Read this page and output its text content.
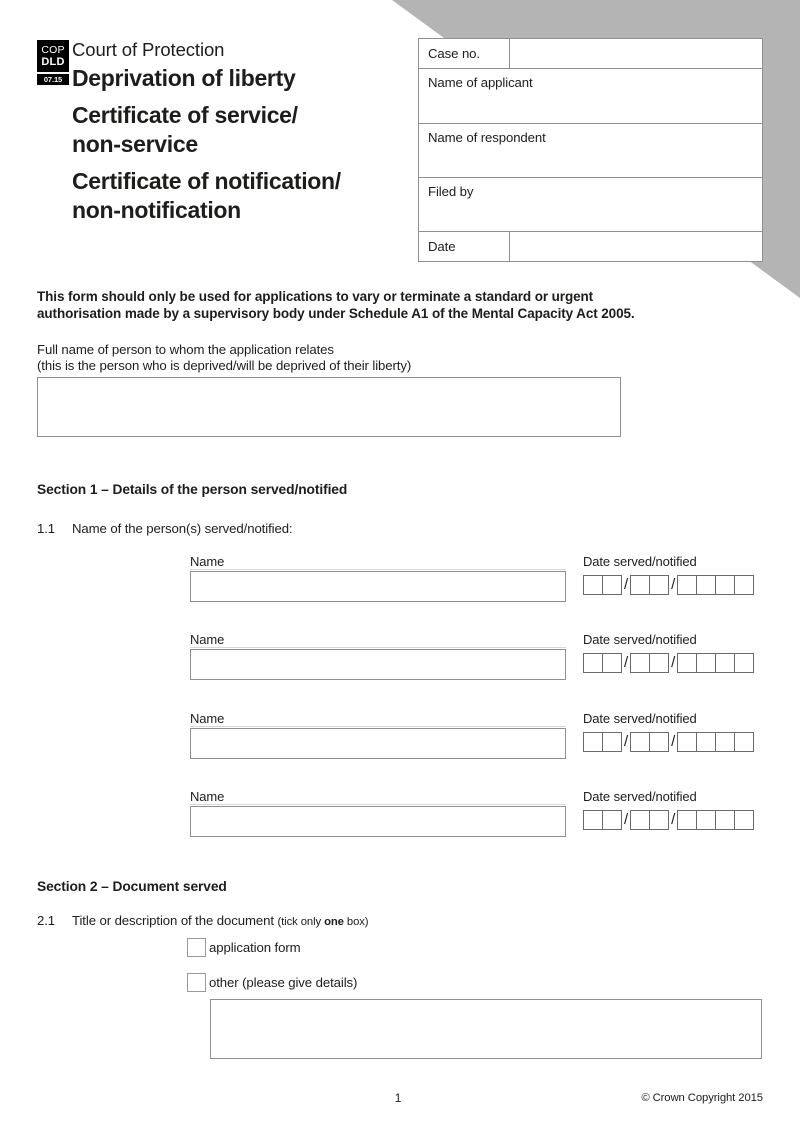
COP
DLD
07.15
Court of Protection
Deprivation of liberty
Certificate of service/
non-service
Certificate of notification/
non-notification
Case no.
Name of applicant
Name of respondent
Filed by
Date
This form should only be used for applications to vary or terminate a standard or urgent authorisation made by a supervisory body under Schedule A1 of the Mental Capacity Act 2005.
Full name of person to whom the application relates
(this is the person who is deprived/will be deprived of their liberty)
Section 1 – Details of the person served/notified
1.1 Name of the person(s) served/notified:
Name	Date served/notified
/	/
Name	Date served/notified
/	/
Name	Date served/notified
/	/
Name	Date served/notified
/	/
Section 2 – Document served
2.1 Title or description of the document (tick only one box)
application form
other (please give details)
1	© Crown Copyright 2015
